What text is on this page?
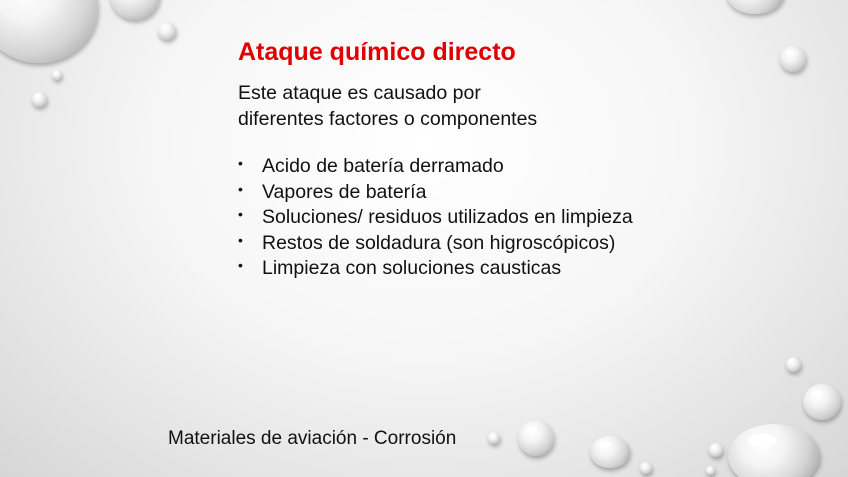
Ataque químico directo

Este ataque es causado por
diferentes factores o componentes

• Acido de batería derramado
• Vapores de batería
• Soluciones/ residuos utilizados en limpieza
• Restos de soldadura (son higroscópicos)
• Limpieza con soluciones causticas

Materiales de aviación - Corrosión
